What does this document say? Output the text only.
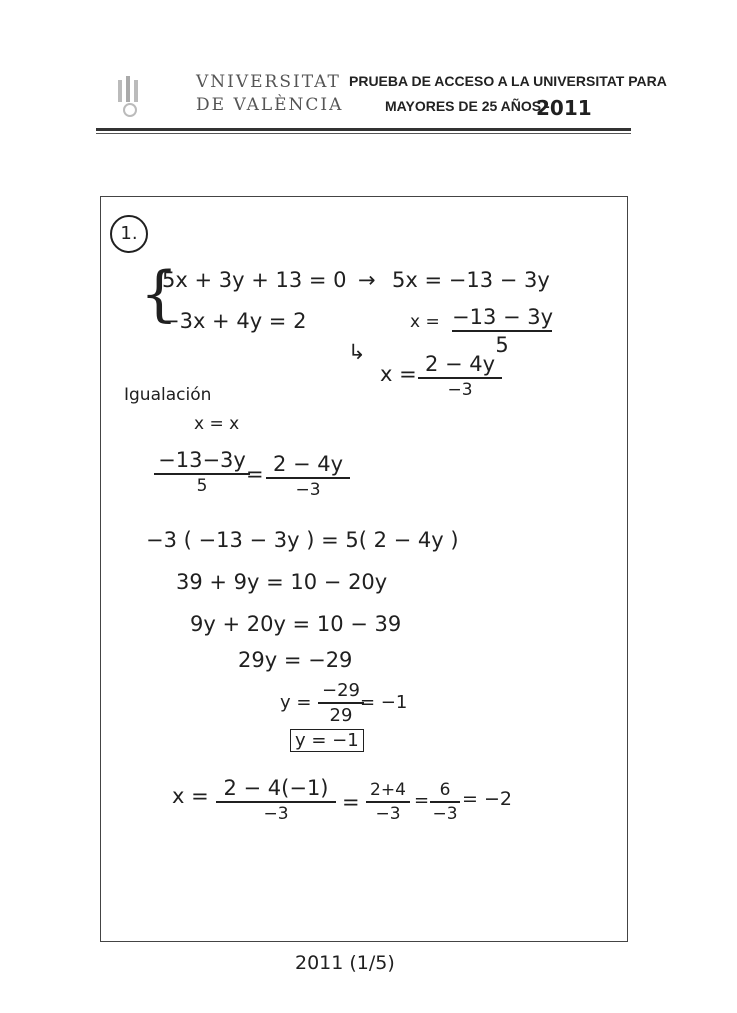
VNIVERSITAT
DE VALÈNCIA
PRUEBA DE ACCESO A LA UNIVERSITAT PARA
MAYORES DE 25 AÑOS -
2011
1.
{
5x + 3y + 13 = 0
−3x + 4y = 2
→ 5x = −13 − 3y
x = −13 − 3y
5
↳
x = 2 − 4y
−3
Igualación
x = x
−13−3y
5	= 2 − 4y
−3
−3 ( −13 − 3y ) = 5( 2 − 4y )
39 + 9y = 10 − 20y
9y + 20y = 10 − 39
29y = −29
y =
−29
29
= −1
y = −1
x = 2 − 4(−1)
−3	= 2+4
−3
= 6
−3
= −2
2011 (1/5)
